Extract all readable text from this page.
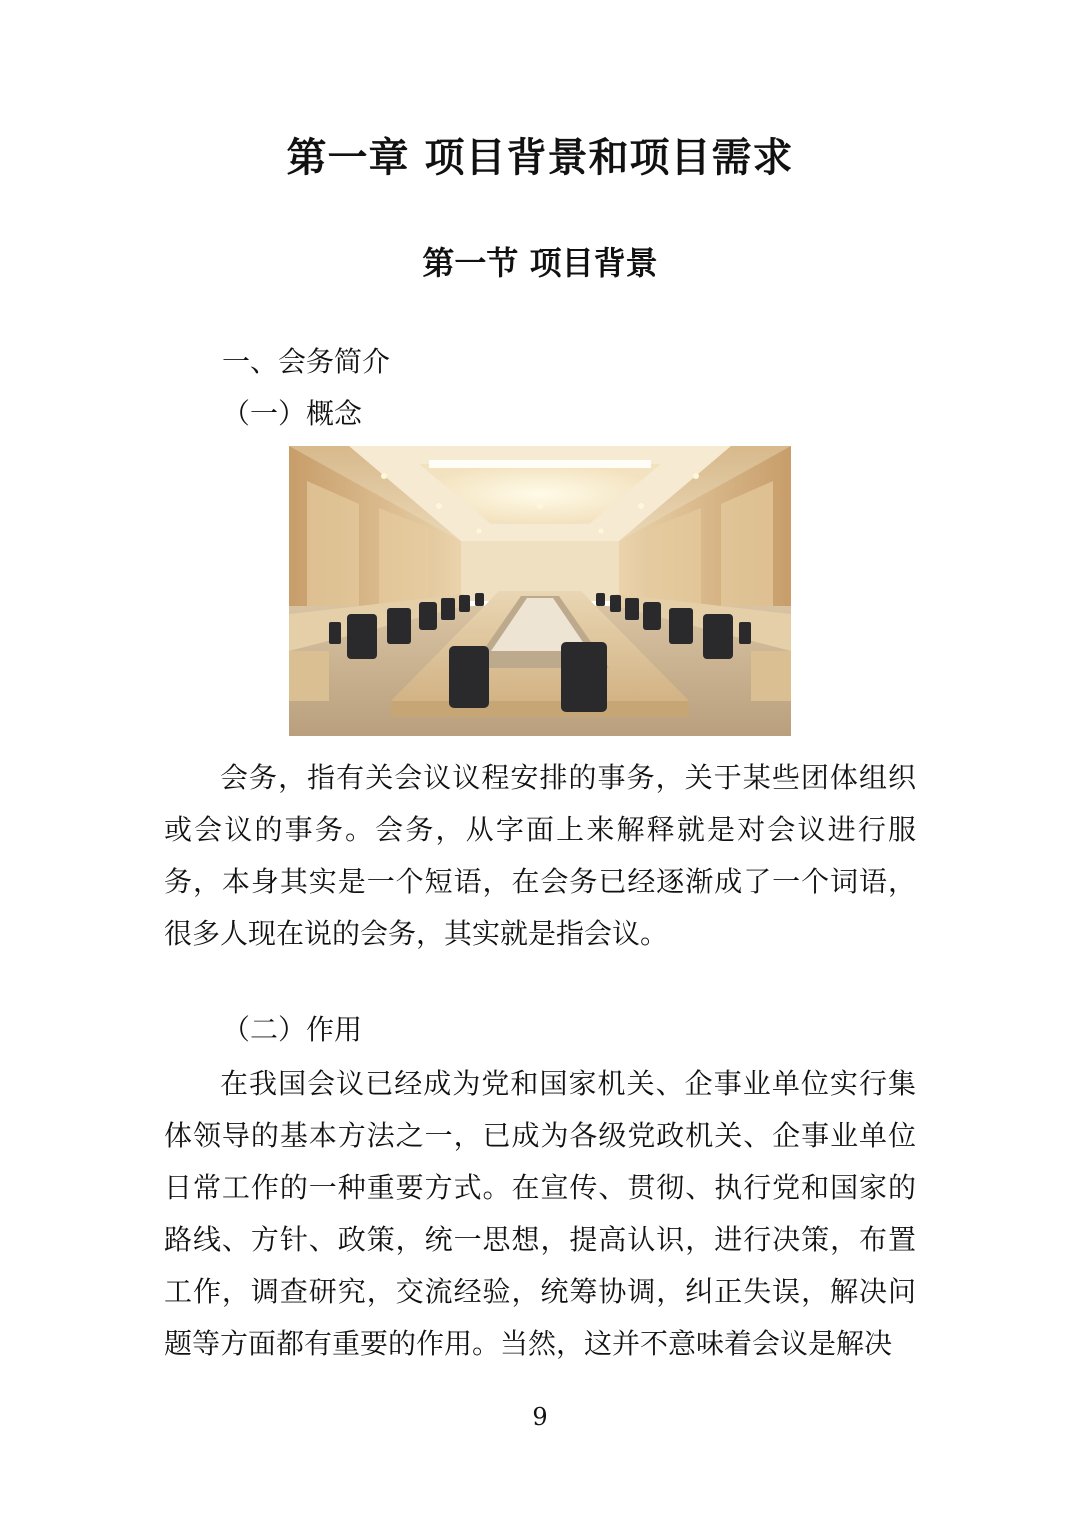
第一章 项目背景和项目需求
第一节 项目背景
一、会务简介
（一）概念

会务，指有关会议议程安排的事务，关于某些团体组织或会议的事务。会务，从字面上来解释就是对会议进行服务，本身其实是一个短语，在会务已经逐渐成了一个词语，很多人现在说的会务，其实就是指会议。

（二）作用

在我国会议已经成为党和国家机关、企事业单位实行集体领导的基本方法之一，已成为各级党政机关、企事业单位日常工作的一种重要方式。在宣传、贯彻、执行党和国家的路线、方针、政策，统一思想，提高认识，进行决策，布置工作，调查研究，交流经验，统筹协调，纠正失误，解决问题等方面都有重要的作用。当然，这并不意味着会议是解决

9
